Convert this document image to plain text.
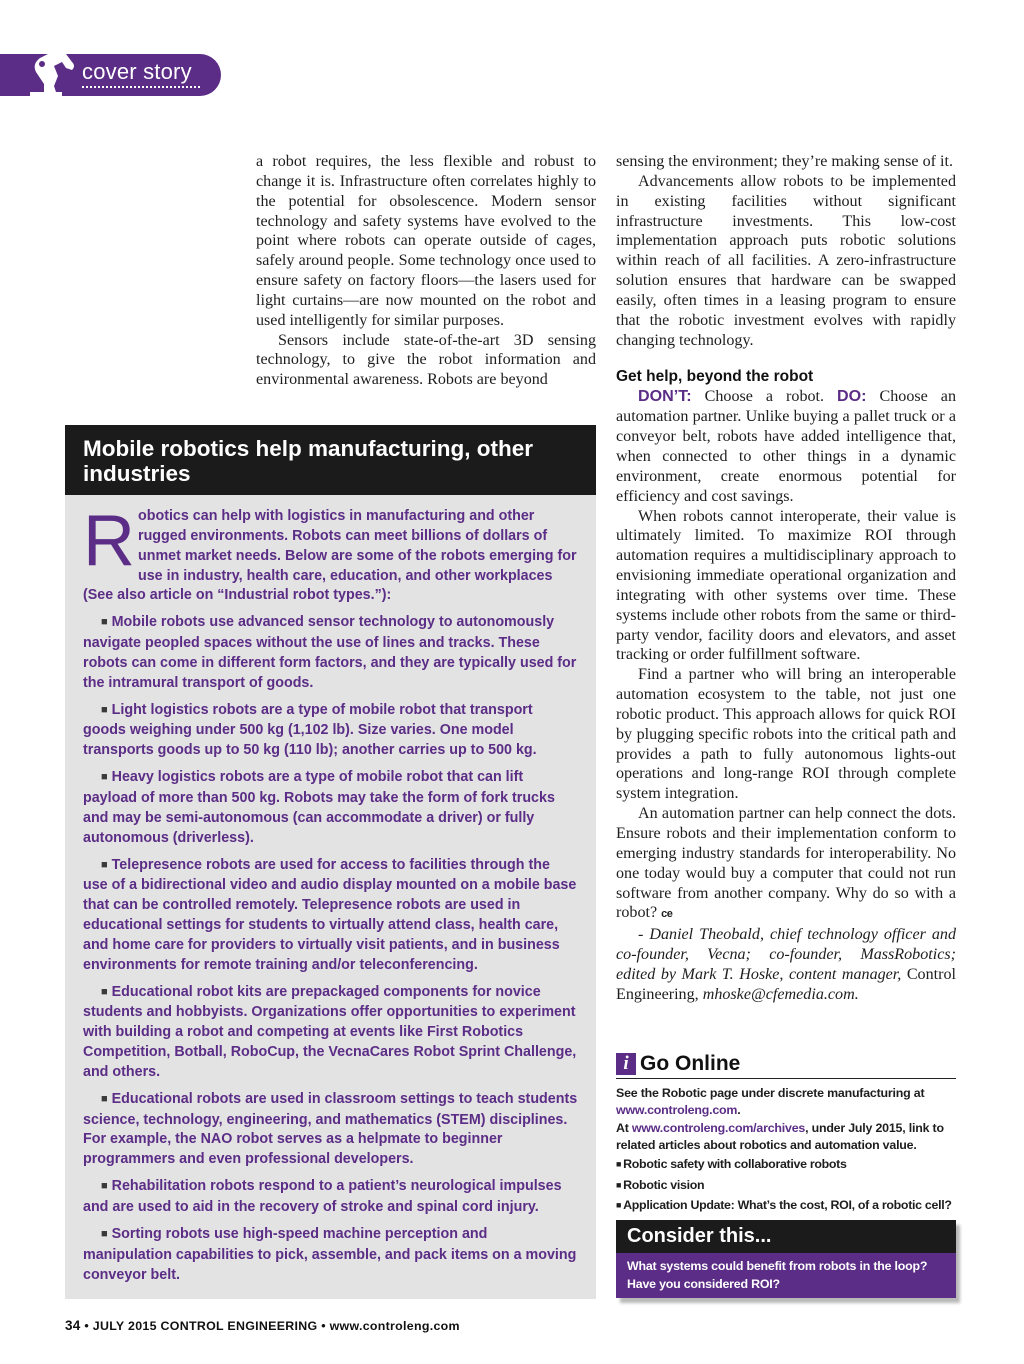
cover story

a robot requires, the less flexible and robust to change it is. Infrastructure often correlates highly to the potential for obsolescence. Modern sensor technology and safety systems have evolved to the point where robots can operate outside of cages, safely around people. Some technology once used to ensure safety on factory floors—the lasers used for light curtains—are now mounted on the robot and used intelligently for similar purposes.

Sensors include state-of-the-art 3D sensing technology, to give the robot information and environmental awareness. Robots are beyond

sensing the environment; they’re making sense of it.

Advancements allow robots to be implemented in existing facilities without significant infrastructure investments. This low-cost implementation approach puts robotic solutions within reach of all facilities. A zero-infrastructure solution ensures that hardware can be swapped easily, often times in a leasing program to ensure that the robotic investment evolves with rapidly changing technology.

Get help, beyond the robot

DON’T: Choose a robot. DO: Choose an automation partner. Unlike buying a pallet truck or a conveyor belt, robots have added intelligence that, when connected to other things in a dynamic environment, create enormous potential for efficiency and cost savings.

When robots cannot interoperate, their value is ultimately limited. To maximize ROI through automation requires a multidisciplinary approach to envisioning immediate operational organization and integrating with other systems over time. These systems include other robots from the same or third-party vendor, facility doors and elevators, and asset tracking or order fulfillment software.

Find a partner who will bring an interoperable automation ecosystem to the table, not just one robotic product. This approach allows for quick ROI by plugging specific robots into the critical path and provides a path to fully autonomous lights-out operations and long-range ROI through complete system integration.

An automation partner can help connect the dots. Ensure robots and their implementation conform to emerging industry standards for interoperability. No one today would buy a computer that could not run software from another company. Why do so with a robot? ce

- Daniel Theobald, chief technology officer and co-founder, Vecna; co-founder, MassRobotics; edited by Mark T. Hoske, content manager, Control Engineering, mhoske@cfemedia.com.

Mobile robotics help manufacturing, other industries

Robotics can help with logistics in manufacturing and other rugged environments. Robots can meet billions of dollars of unmet market needs. Below are some of the robots emerging for use in industry, health care, education, and other workplaces (See also article on “Industrial robot types.”):

■ Mobile robots use advanced sensor technology to autonomously navigate peopled spaces without the use of lines and tracks. These robots can come in different form factors, and they are typically used for the intramural transport of goods.

■ Light logistics robots are a type of mobile robot that transport goods weighing under 500 kg (1,102 lb). Size varies. One model transports goods up to 50 kg (110 lb); another carries up to 500 kg.

■ Heavy logistics robots are a type of mobile robot that can lift payload of more than 500 kg. Robots may take the form of fork trucks and may be semi-autonomous (can accommodate a driver) or fully autonomous (driverless).

■ Telepresence robots are used for access to facilities through the use of a bidirectional video and audio display mounted on a mobile base that can be controlled remotely. Telepresence robots are used in educational settings for students to virtually attend class, health care, and home care for providers to virtually visit patients, and in business environments for remote training and/or teleconferencing.

■ Educational robot kits are prepackaged components for novice students and hobbyists. Organizations offer opportunities to experiment with building a robot and competing at events like First Robotics Competition, Botball, RoboCup, the VecnaCares Robot Sprint Challenge, and others.

■ Educational robots are used in classroom settings to teach students science, technology, engineering, and mathematics (STEM) disciplines. For example, the NAO robot serves as a helpmate to beginner programmers and even professional developers.

■ Rehabilitation robots respond to a patient’s neurological impulses and are used to aid in the recovery of stroke and spinal cord injury.

■ Sorting robots use high-speed machine perception and manipulation capabilities to pick, assemble, and pack items on a moving conveyor belt.

i Go Online
See the Robotic page under discrete manufacturing at www.controleng.com.
At www.controleng.com/archives, under July 2015, link to related articles about robotics and automation value.
■ Robotic safety with collaborative robots
■ Robotic vision
■ Application Update: What’s the cost, ROI, of a robotic cell?
Consider this...
What systems could benefit from robots in the loop? Have you considered ROI?
34 • JULY 2015 CONTROL ENGINEERING • www.controleng.com
